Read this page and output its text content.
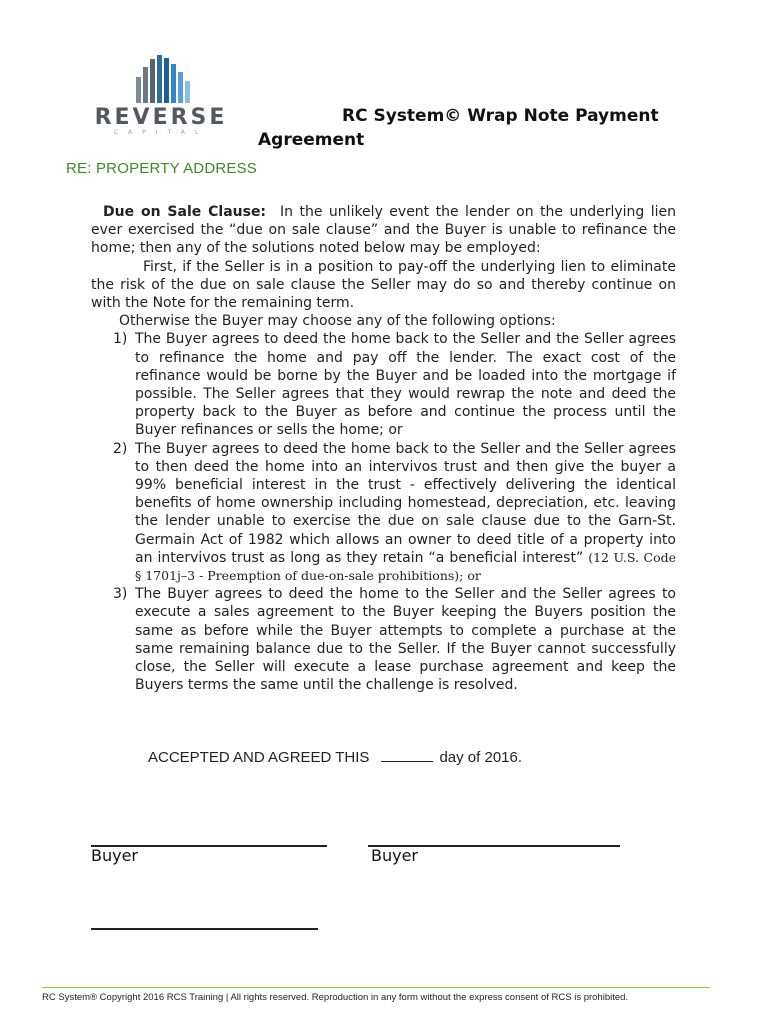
REVERSE
CAPITAL

RC System© Wrap Note Payment Agreement

RE: PROPERTY ADDRESS

Due on Sale Clause: In the unlikely event the lender on the underlying lien ever exercised the “due on sale clause” and the Buyer is unable to refinance the home; then any of the solutions noted below may be employed:

First, if the Seller is in a position to pay-off the underlying lien to eliminate the risk of the due on sale clause the Seller may do so and thereby continue on with the Note for the remaining term.

Otherwise the Buyer may choose any of the following options:

1) The Buyer agrees to deed the home back to the Seller and the Seller agrees to refinance the home and pay off the lender. The exact cost of the refinance would be borne by the Buyer and be loaded into the mortgage if possible. The Seller agrees that they would rewrap the note and deed the property back to the Buyer as before and continue the process until the Buyer refinances or sells the home; or
2) The Buyer agrees to deed the home back to the Seller and the Seller agrees to then deed the home into an intervivos trust and then give the buyer a 99% beneficial interest in the trust - effectively delivering the identical benefits of home ownership including homestead, depreciation, etc. leaving the lender unable to exercise the due on sale clause due to the Garn-St. Germain Act of 1982 which allows an owner to deed title of a property into an intervivos trust as long as they retain “a beneficial interest” (12 U.S. Code § 1701j–3 - Preemption of due-on-sale prohibitions); or
3) The Buyer agrees to deed the home to the Seller and the Seller agrees to execute a sales agreement to the Buyer keeping the Buyers position the same as before while the Buyer attempts to complete a purchase at the same remaining balance due to the Seller. If the Buyer cannot successfully close, the Seller will execute a lease purchase agreement and keep the Buyers terms the same until the challenge is resolved.
ACCEPTED AND AGREED THIS	day of 2016.
Buyer	Buyer
RC System® Copyright 2016 RCS Training | All rights reserved. Reproduction in any form without the express consent of RCS is prohibited.
